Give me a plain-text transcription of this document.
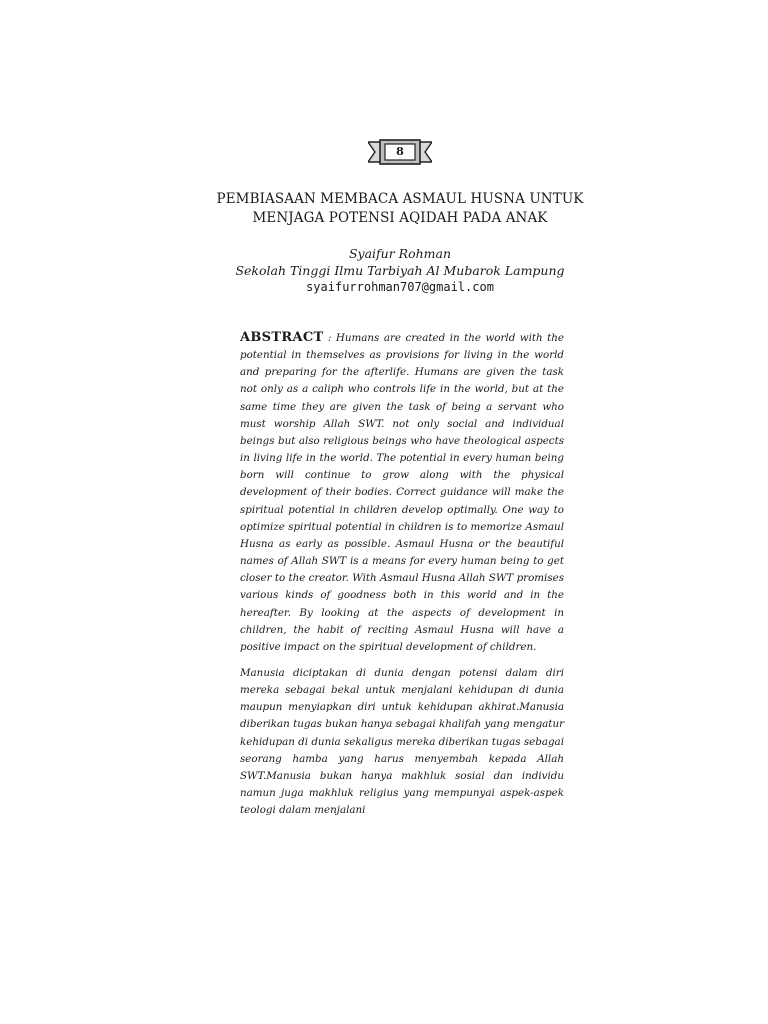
8
PEMBIASAAN MEMBACA ASMAUL HUSNA UNTUK
MENJAGA POTENSI AQIDAH PADA ANAK
Syaifur Rohman
Sekolah Tinggi Ilmu Tarbiyah Al Mubarok Lampung
syaifurrohman707@gmail.com

ABSTRACT : Humans are created in the world with the potential in themselves as provisions for living in the world and preparing for the afterlife. Humans are given the task not only as a caliph who controls life in the world, but at the same time they are given the task of being a servant who must worship Allah SWT. not only social and individual beings but also religious beings who have theological aspects in living life in the world. The potential in every human being born will continue to grow along with the physical development of their bodies. Correct guidance will make the spiritual potential in children develop optimally. One way to optimize spiritual potential in children is to memorize Asmaul Husna as early as possible. Asmaul Husna or the beautiful names of Allah SWT is a means for every human being to get closer to the creator. With Asmaul Husna Allah SWT promises various kinds of goodness both in this world and in the hereafter. By looking at the aspects of development in children, the habit of reciting Asmaul Husna will have a positive impact on the spiritual development of children.

Manusia diciptakan di dunia dengan potensi dalam diri mereka sebagai bekal untuk menjalani kehidupan di dunia maupun menyiapkan diri untuk kehidupan akhirat.Manusia diberikan tugas bukan hanya sebagai khalifah yang mengatur kehidupan di dunia sekaligus mereka diberikan tugas sebagai seorang hamba yang harus menyembah kepada Allah SWT.Manusia bukan hanya makhluk sosial dan individu namun juga makhluk religius yang mempunyai aspek-aspek teologi dalam menjalani
